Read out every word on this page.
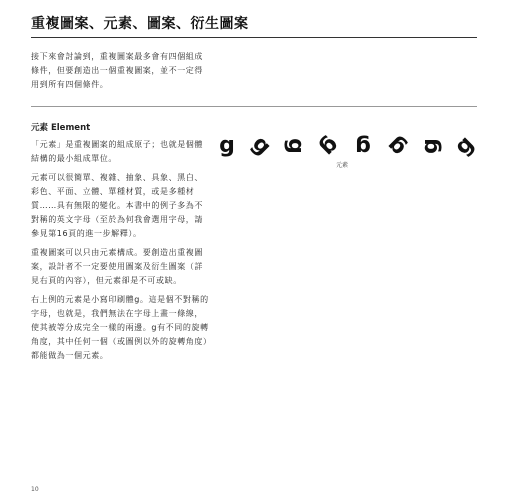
重複圖案、元素、圖案、衍生圖案

接下來會討論到，重複圖案最多會有四個組成條件，但要創造出一個重複圖案，並不一定得用到所有四個條件。

元素 Element

「元素」是重複圖案的組成原子；也就是個體結構的最小組成單位。

元素可以很簡單、複雜、抽象、具象、黑白、彩色、平面、立體、單種材質，或是多種材質……具有無限的變化。本書中的例子多為不對稱的英文字母（至於為何我會選用字母，請參見第16頁的進一步解釋）。

重複圖案可以只由元素構成。要創造出重複圖案，設計者不一定要使用圖案及衍生圖案（詳見右頁的內容），但元素卻是不可或缺。

右上例的元素是小寫印刷體g。這是個不對稱的字母，也就是，我們無法在字母上畫一條線，使其被等分成完全一樣的兩邊。g有不同的旋轉角度，其中任何一個（或圖例以外的旋轉角度）都能做為一個元素。

g g g g g g g g

元素

10
